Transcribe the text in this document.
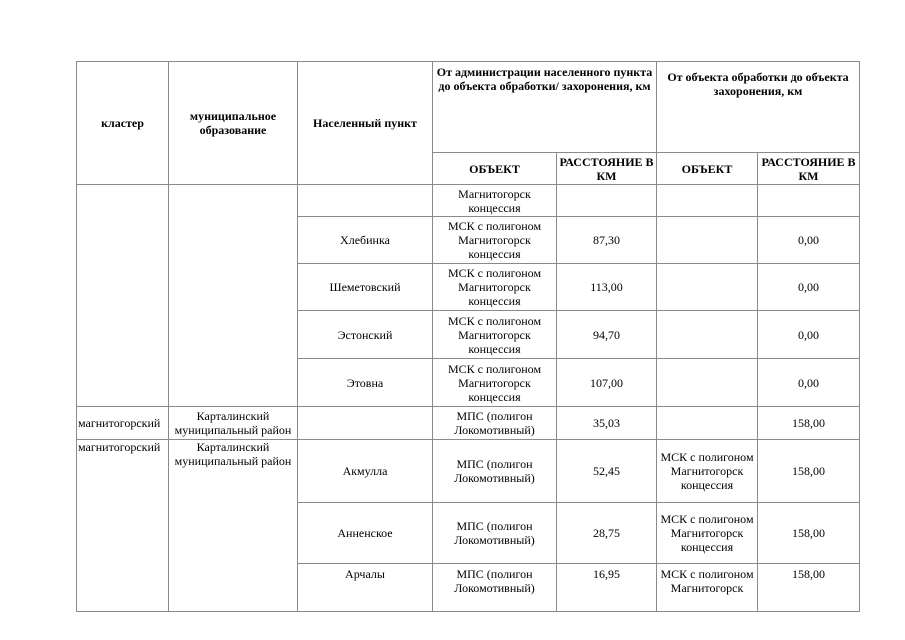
кластер	муниципальное образование	Населенный пункт	От администрации населенного пункта до объекта обработки/ захоронения, км		От объекта обработки до объекта захоронения, км	

			ОБЪЕКТ	РАССТОЯНИЕ В КМ	ОБЪЕКТ	РАССТОЯНИЕ В КМ

			Магнитогорск концессия			
		Хлебинка	МСК с полигоном Магнитогорск концессия	87,30		0,00
		Шеметовский	МСК с полигоном Магнитогорск концессия	113,00		0,00
		Эстонский	МСК с полигоном Магнитогорск концессия	94,70		0,00
		Этовна	МСК с полигоном Магнитогорск концессия	107,00		0,00
магнитогорский	Карталинский муниципальный район		МПС (полигон Локомотивный)	35,03		158,00
магнитогорский	Карталинский муниципальный район	Акмулла	МПС (полигон Локомотивный)	52,45	МСК с полигоном Магнитогорск концессия	158,00
		Анненское	МПС (полигон Локомотивный)	28,75	МСК с полигоном Магнитогорск концессия	158,00
		Арчалы	МПС (полигон Локомотивный)	16,95	МСК с полигоном Магнитогорск	158,00
